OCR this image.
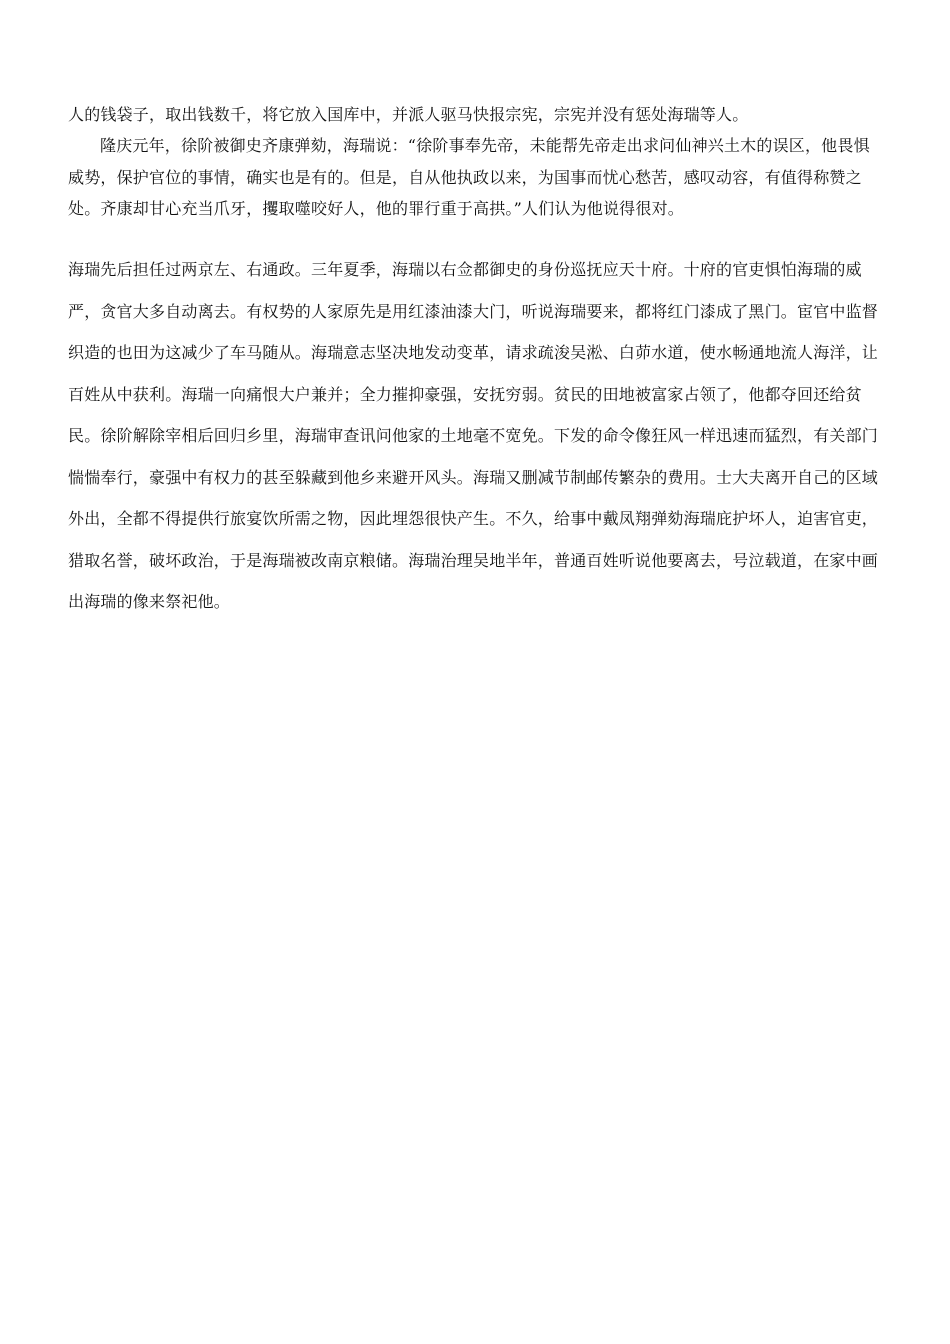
人的钱袋子，取出钱数千，将它放入国库中，并派人驱马快报宗宪，宗宪并没有惩处海瑞等人。

隆庆元年，徐阶被御史齐康弹劾，海瑞说：“徐阶事奉先帝，未能帮先帝走出求问仙神兴土木的误区，他畏惧威势，保护官位的事情，确实也是有的。但是，自从他执政以来，为国事而忧心愁苦，感叹动容，有值得称赞之处。齐康却甘心充当爪牙，攫取噬咬好人，他的罪行重于高拱。”人们认为他说得很对。

海瑞先后担任过两京左、右通政。三年夏季，海瑞以右佥都御史的身份巡抚应天十府。十府的官吏惧怕海瑞的威严，贪官大多自动离去。有权势的人家原先是用红漆油漆大门，听说海瑞要来，都将红门漆成了黑门。宦官中监督织造的也田为这减少了车马随从。海瑞意志坚决地发动变革，请求疏浚吴淞、白茆水道，使水畅通地流人海洋，让百姓从中获利。海瑞一向痛恨大户兼并；全力摧抑豪强，安抚穷弱。贫民的田地被富家占领了，他都夺回还给贫民。徐阶解除宰相后回归乡里，海瑞审查讯问他家的土地毫不宽免。下发的命令像狂风一样迅速而猛烈，有关部门惴惴奉行，豪强中有权力的甚至躲藏到他乡来避开风头。海瑞又删减节制邮传繁杂的费用。士大夫离开自己的区域外出，全都不得提供行旅宴饮所需之物，因此埋怨很快产生。不久，给事中戴凤翔弹劾海瑞庇护坏人，迫害官吏，猎取名誉，破坏政治，于是海瑞被改南京粮储。海瑞治理吴地半年，普通百姓听说他要离去，号泣载道，在家中画出海瑞的像来祭祀他。
